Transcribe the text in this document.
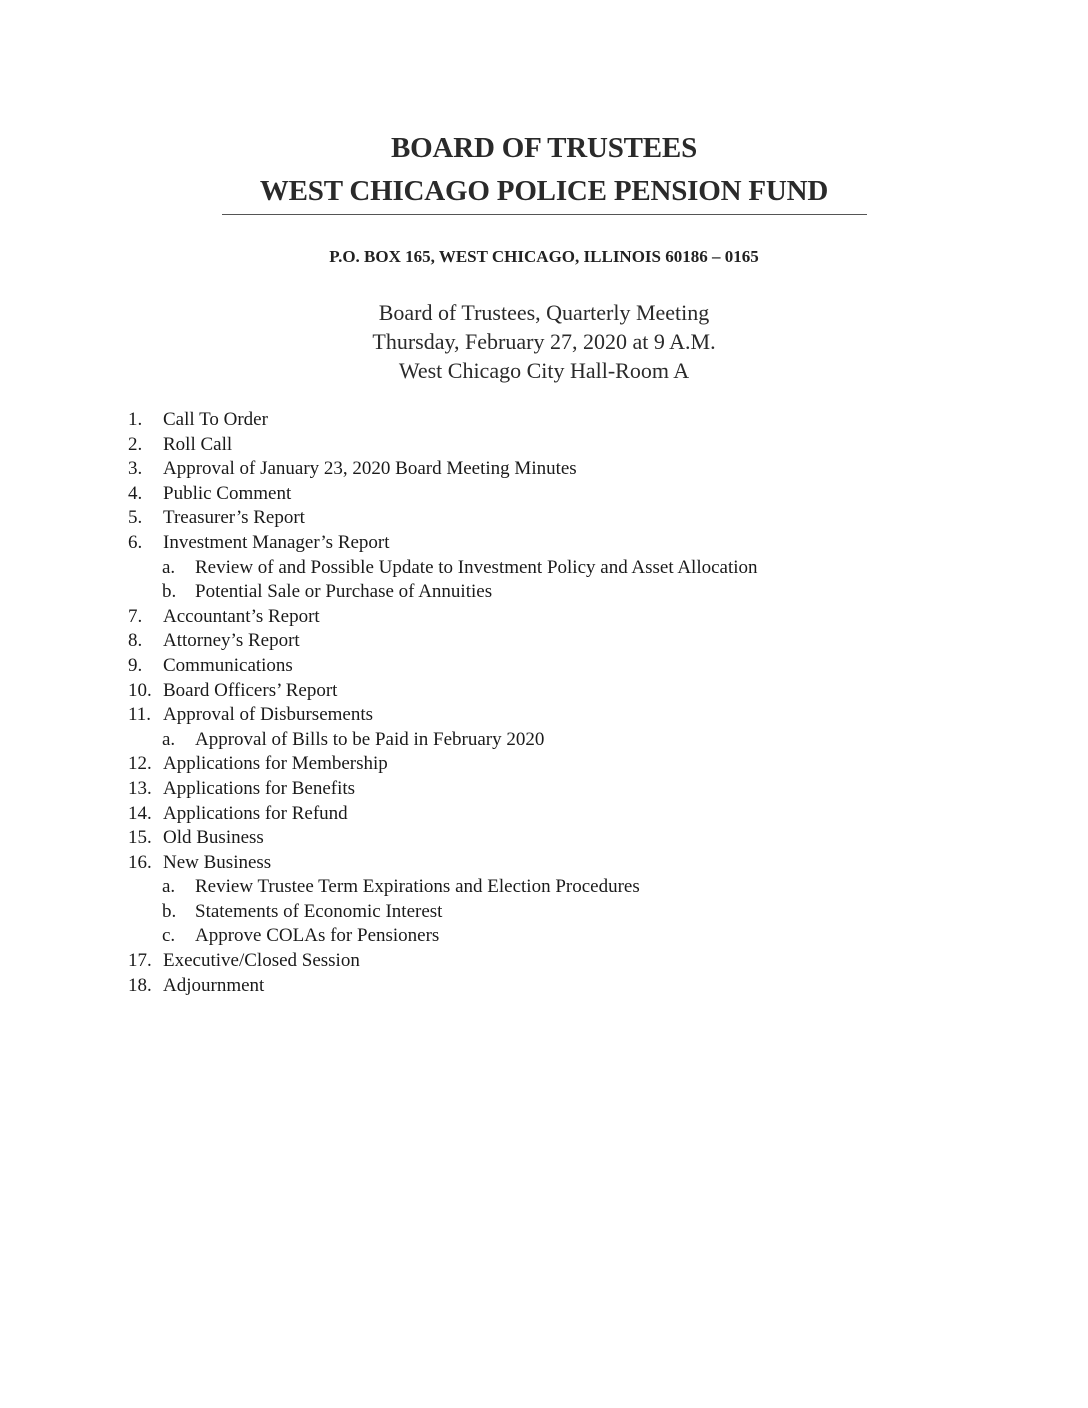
BOARD OF TRUSTEES
WEST CHICAGO POLICE PENSION FUND
P.O. BOX 165, WEST CHICAGO, ILLINOIS 60186 – 0165
Board of Trustees, Quarterly Meeting
Thursday, February 27, 2020 at 9 A.M.
West Chicago City Hall-Room A
1. Call To Order
2. Roll Call
3. Approval of January 23, 2020 Board Meeting Minutes
4. Public Comment
5. Treasurer’s Report
6. Investment Manager’s Report
a. Review of and Possible Update to Investment Policy and Asset Allocation
b. Potential Sale or Purchase of Annuities
7. Accountant’s Report
8. Attorney’s Report
9. Communications
10. Board Officers’ Report
11. Approval of Disbursements
a. Approval of Bills to be Paid in February 2020
12. Applications for Membership
13. Applications for Benefits
14. Applications for Refund
15. Old Business
16. New Business
a. Review Trustee Term Expirations and Election Procedures
b. Statements of Economic Interest
c. Approve COLAs for Pensioners
17. Executive/Closed Session
18. Adjournment
